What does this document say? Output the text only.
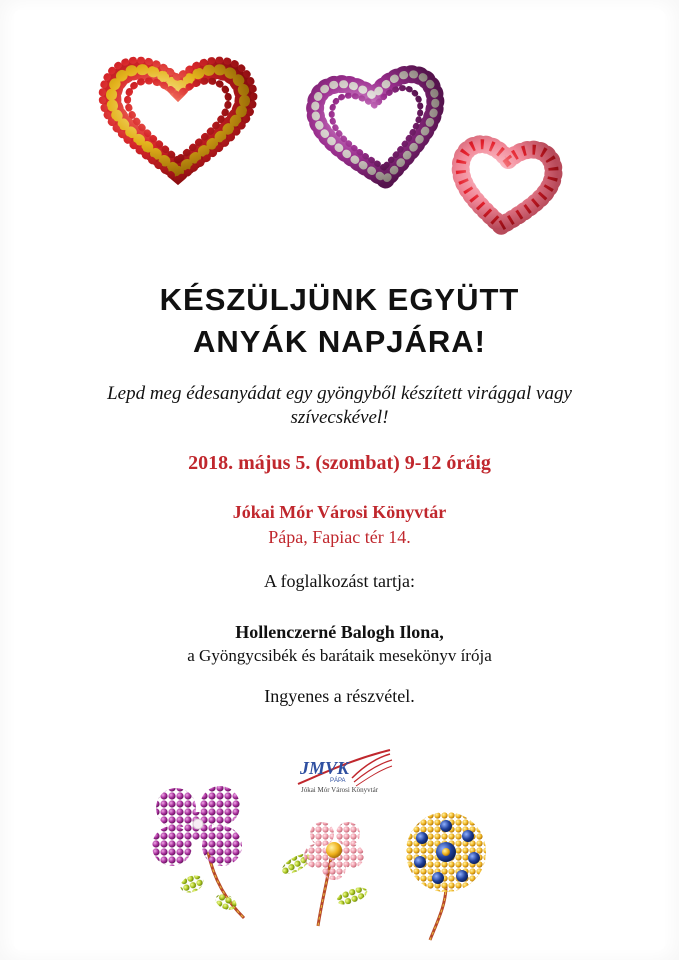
KÉSZÜLJÜNK EGYÜTT
ANYÁK NAPJÁRA!
Lepd meg édesanyádat egy gyöngyből készített virággal vagy szívecskével!
2018. május 5. (szombat) 9-12 óráig
Jókai Mór Városi Könyvtár
Pápa, Fapiac tér 14.
A foglalkozást tartja:
Hollenczerné Balogh Ilona,
a Gyöngycsibék és barátaik mesekönyv írója
Ingyenes a részvétel.
JMVK
PÁPA
Jókai Mór Városi Könyvtár
